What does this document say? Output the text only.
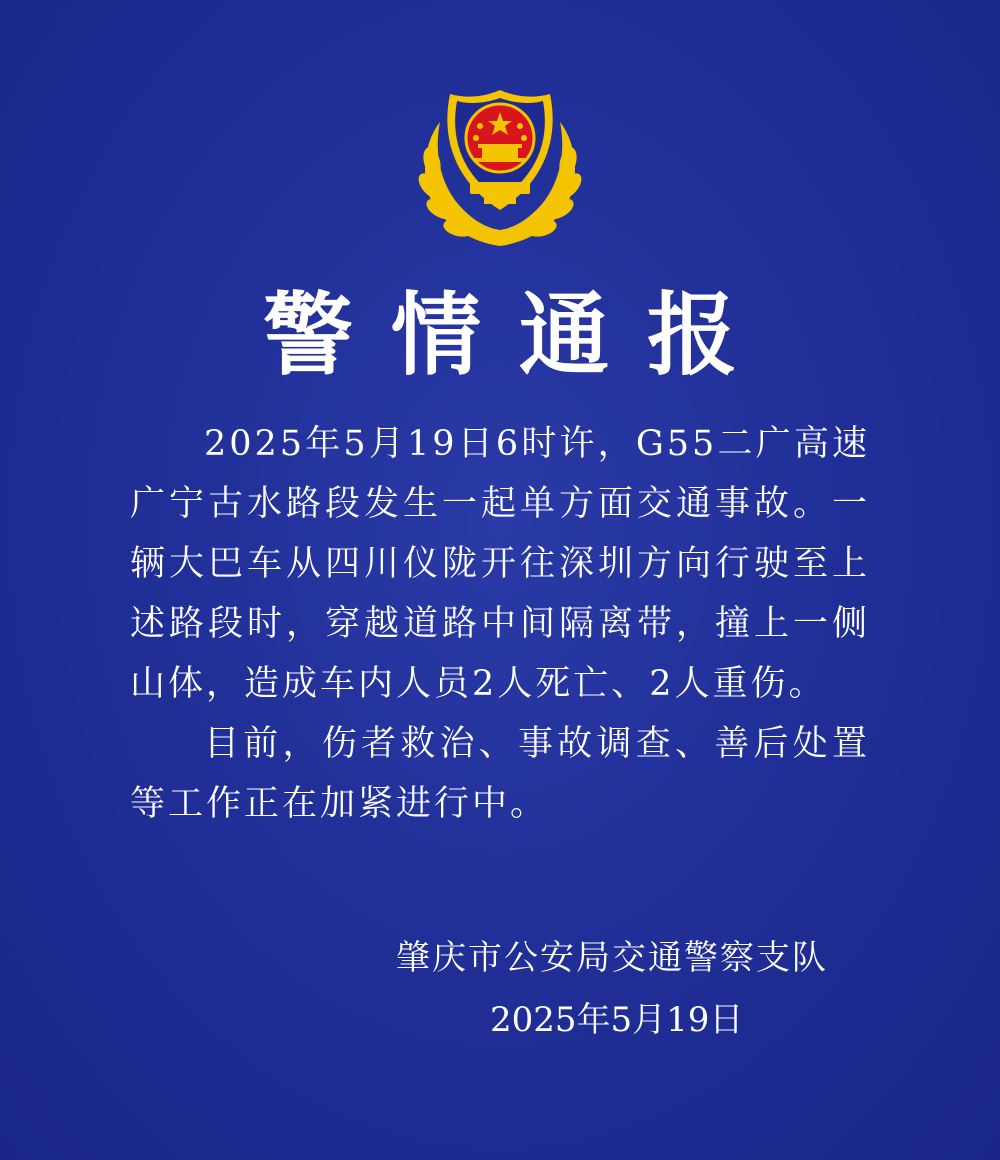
警情通报

2025年5月19日6时许，G55二广高速广宁古水路段发生一起单方面交通事故。一辆大巴车从四川仪陇开往深圳方向行驶至上述路段时，穿越道路中间隔离带，撞上一侧山体，造成车内人员2人死亡、2人重伤。

目前，伤者救治、事故调查、善后处置等工作正在加紧进行中。

肇庆市公安局交通警察支队
2025年5月19日
